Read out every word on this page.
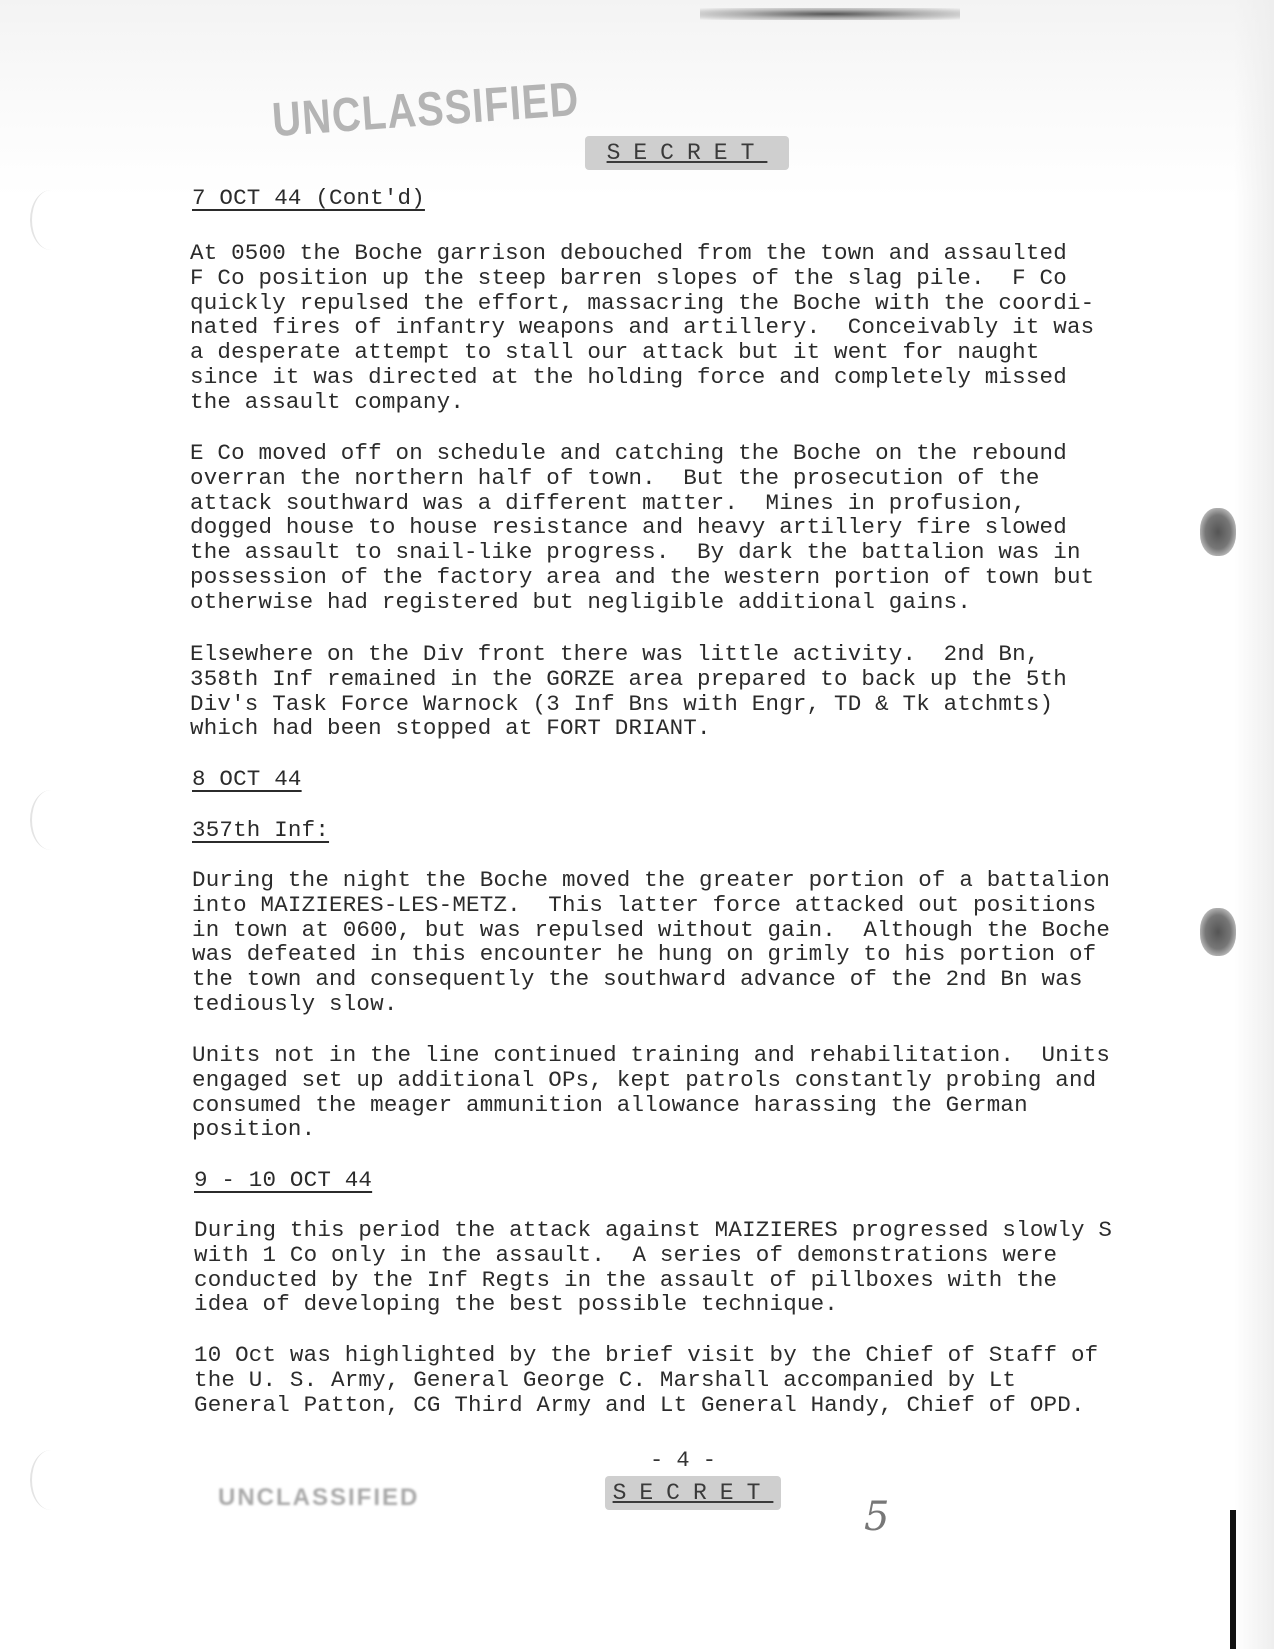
UNCLASSIFIED
SECRET
7 OCT 44 (Cont'd)
At 0500 the Boche garrison debouched from the town and assaulted
F Co position up the steep barren slopes of the slag pile.  F Co
quickly repulsed the effort, massacring the Boche with the coordi-
nated fires of infantry weapons and artillery.  Conceivably it was
a desperate attempt to stall our attack but it went for naught
since it was directed at the holding force and completely missed
the assault company.
E Co moved off on schedule and catching the Boche on the rebound
overran the northern half of town.  But the prosecution of the
attack southward was a different matter.  Mines in profusion,
dogged house to house resistance and heavy artillery fire slowed
the assault to snail-like progress.  By dark the battalion was in
possession of the factory area and the western portion of town but
otherwise had registered but negligible additional gains.
Elsewhere on the Div front there was little activity.  2nd Bn,
358th Inf remained in the GORZE area prepared to back up the 5th
Div's Task Force Warnock (3 Inf Bns with Engr, TD & Tk atchmts)
which had been stopped at FORT DRIANT.
8 OCT 44
357th Inf:
During the night the Boche moved the greater portion of a battalion
into MAIZIERES-LES-METZ.  This latter force attacked out positions
in town at 0600, but was repulsed without gain.  Although the Boche
was defeated in this encounter he hung on grimly to his portion of
the town and consequently the southward advance of the 2nd Bn was
tediously slow.
Units not in the line continued training and rehabilitation.  Units
engaged set up additional OPs, kept patrols constantly probing and
consumed the meager ammunition allowance harassing the German
position.
9 - 10 OCT 44
During this period the attack against MAIZIERES progressed slowly S
with 1 Co only in the assault.  A series of demonstrations were
conducted by the Inf Regts in the assault of pillboxes with the
idea of developing the best possible technique.
10 Oct was highlighted by the brief visit by the Chief of Staff of
the U. S. Army, General George C. Marshall accompanied by Lt
General Patton, CG Third Army and Lt General Handy, Chief of OPD.
- 4 -
UNCLASSIFIED	SECRET
5
